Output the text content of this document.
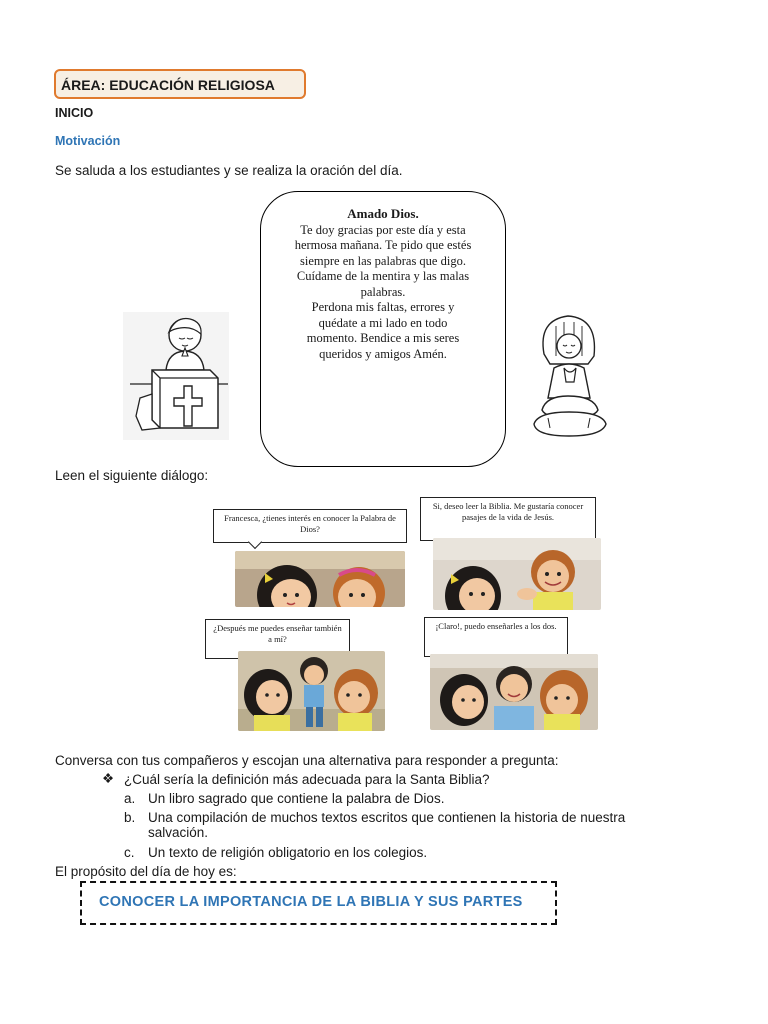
ÁREA: EDUCACIÓN RELIGIOSA
INICIO
Motivación
Se saluda a los estudiantes y se realiza la oración del día.
Amado Dios.
Te doy gracias por este día y esta
hermosa mañana. Te pido que estés
siempre en las palabras que digo.
Cuídame de la mentira y las malas
palabras.
Perdona mis faltas, errores y
quédate a mi lado en todo
momento. Bendice a mis seres
queridos y amigos Amén.
Leen el siguiente diálogo:
Francesca, ¿tienes interés en conocer la Palabra de Dios?
Si, deseo leer la Biblia. Me gustaría conocer pasajes de la vida de Jesús.
¿Después me puedes enseñar también a mí?
¡Claro!, puedo enseñarles a los dos.
Conversa con tus compañeros y escojan una alternativa para responder a pregunta:
❖ ¿Cuál sería la definición más adecuada para la Santa Biblia?
a. Un libro sagrado que contiene la palabra de Dios.
b. Una compilación de muchos textos escritos que contienen la historia de nuestra
salvación.
c. Un texto de religión obligatorio en los colegios.
El propósito del día de hoy es:
CONOCER LA IMPORTANCIA DE LA BIBLIA Y SUS PARTES
